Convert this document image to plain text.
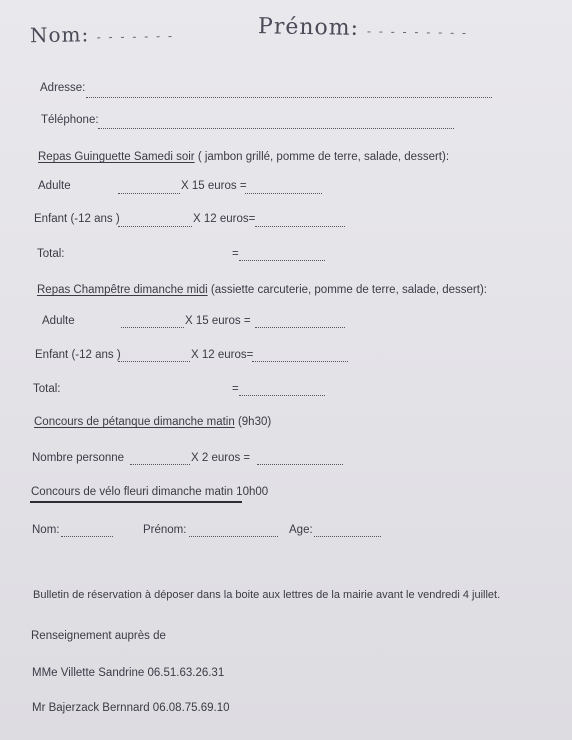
Nom: - - - - - - -	Prénom: - - - - - - - - -
Adresse:
Téléphone:
Repas Guinguette Samedi soir ( jambon grillé, pomme de terre, salade, dessert):
Adulte	X 15 euros =
Enfant (-12 ans )	X 12 euros=
Total:	=
Repas Champêtre dimanche midi (assiette carcuterie, pomme de terre, salade, dessert):
Adulte	X 15 euros =
Enfant (-12 ans )	X 12 euros=
Total:	=
Concours de pétanque dimanche matin (9h30)
Nombre personne	X 2 euros =
Concours de vélo fleuri dimanche matin 10h00
Nom:	Prénom:	Age:
Bulletin de réservation à déposer dans la boite aux lettres de la mairie avant le vendredi 4 juillet.
Renseignement auprès de
MMe Villette Sandrine 06.51.63.26.31
Mr Bajerzack Bernnard 06.08.75.69.10
